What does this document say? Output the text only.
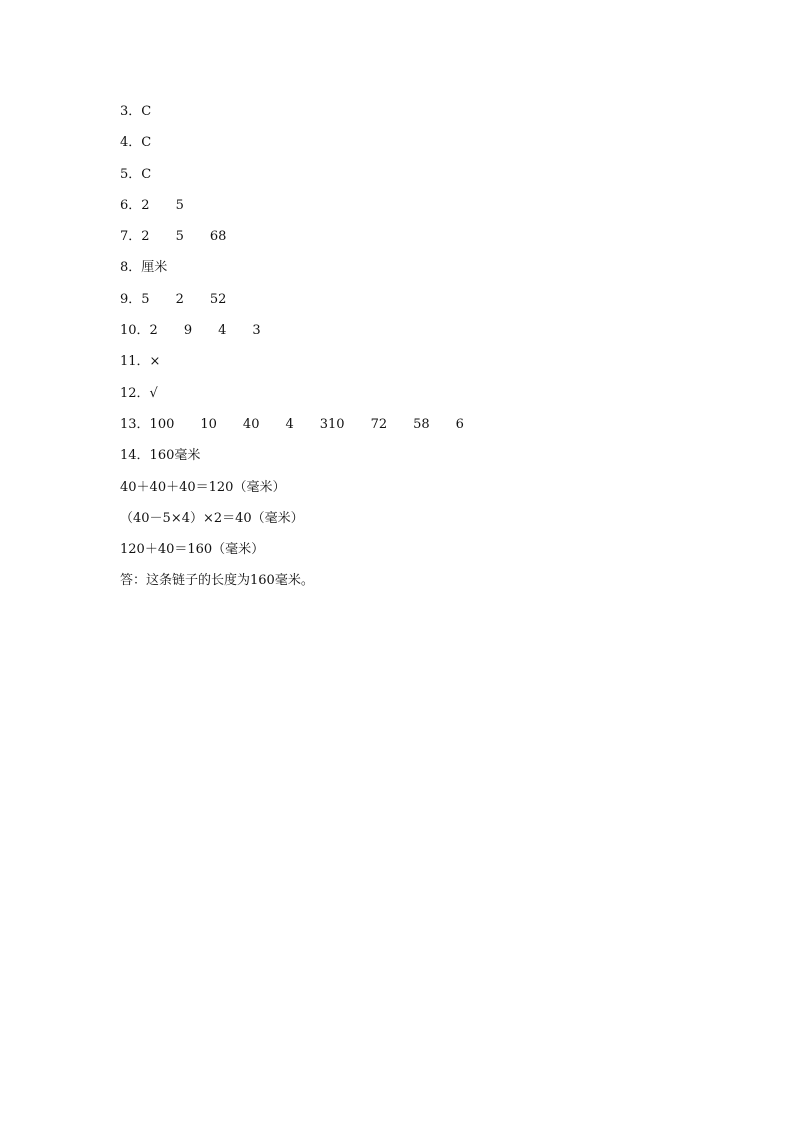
3． C
4． C
5． C
6． 2 5
7． 2 5 68
8． 厘米
9． 5 2 52
10． 2 9 4 3
11． ×
12． √
13． 100 10 40 4 310 72 58 6
14． 160毫米
40＋40＋40＝120（毫米）
（40－5×4）×2＝40（毫米）
120＋40＝160（毫米）
答：这条链子的长度为160毫米。
